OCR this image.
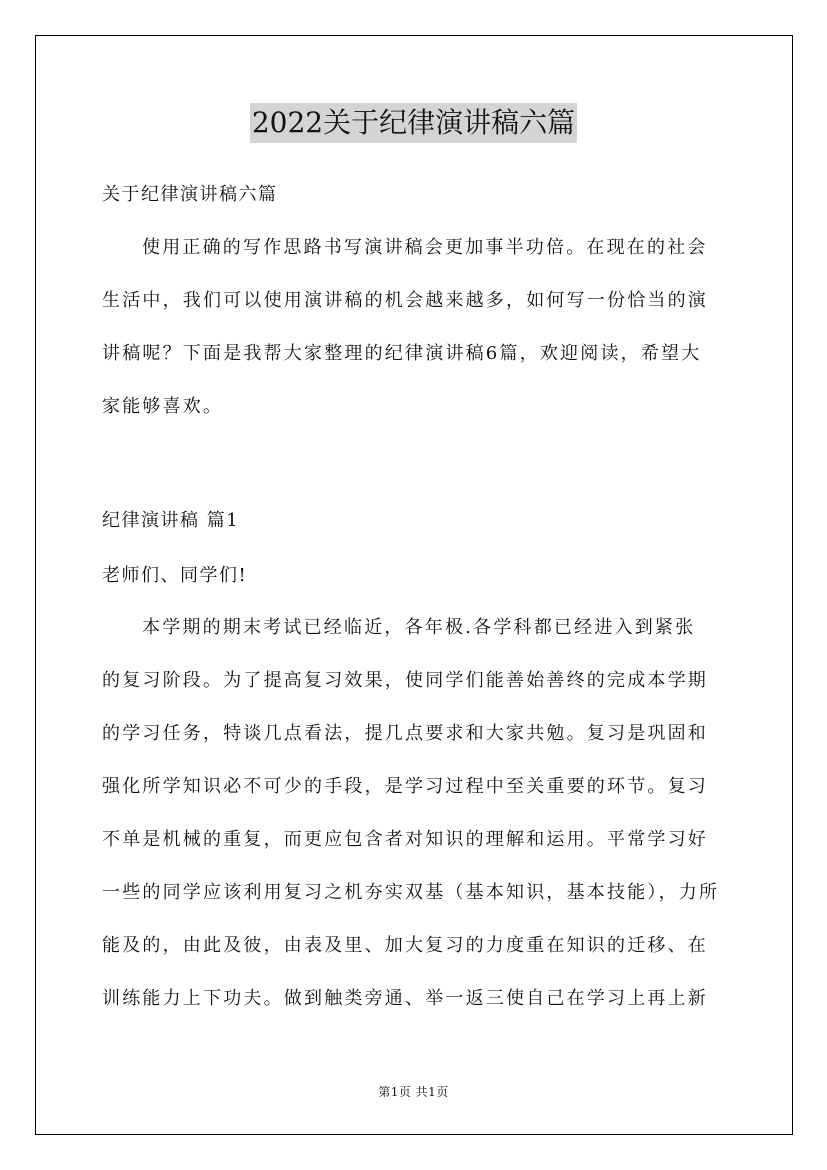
2022关于纪律演讲稿六篇
关于纪律演讲稿六篇
使用正确的写作思路书写演讲稿会更加事半功倍。在现在的社会
生活中，我们可以使用演讲稿的机会越来越多，如何写一份恰当的演
讲稿呢？下面是我帮大家整理的纪律演讲稿6篇，欢迎阅读，希望大
家能够喜欢。
纪律演讲稿 篇1
老师们、同学们!
本学期的期末考试已经临近，各年极.各学科都已经进入到紧张
的复习阶段。为了提高复习效果，使同学们能善始善终的完成本学期
的学习任务，特谈几点看法，提几点要求和大家共勉。复习是巩固和
强化所学知识必不可少的手段，是学习过程中至关重要的环节。复习
不单是机械的重复，而更应包含者对知识的理解和运用。平常学习好
一些的同学应该利用复习之机夯实双基（基本知识，基本技能），力所
能及的，由此及彼，由表及里、加大复习的力度重在知识的迁移、在
训练能力上下功夫。做到触类旁通、举一返三使自己在学习上再上新
第1页 共1页
